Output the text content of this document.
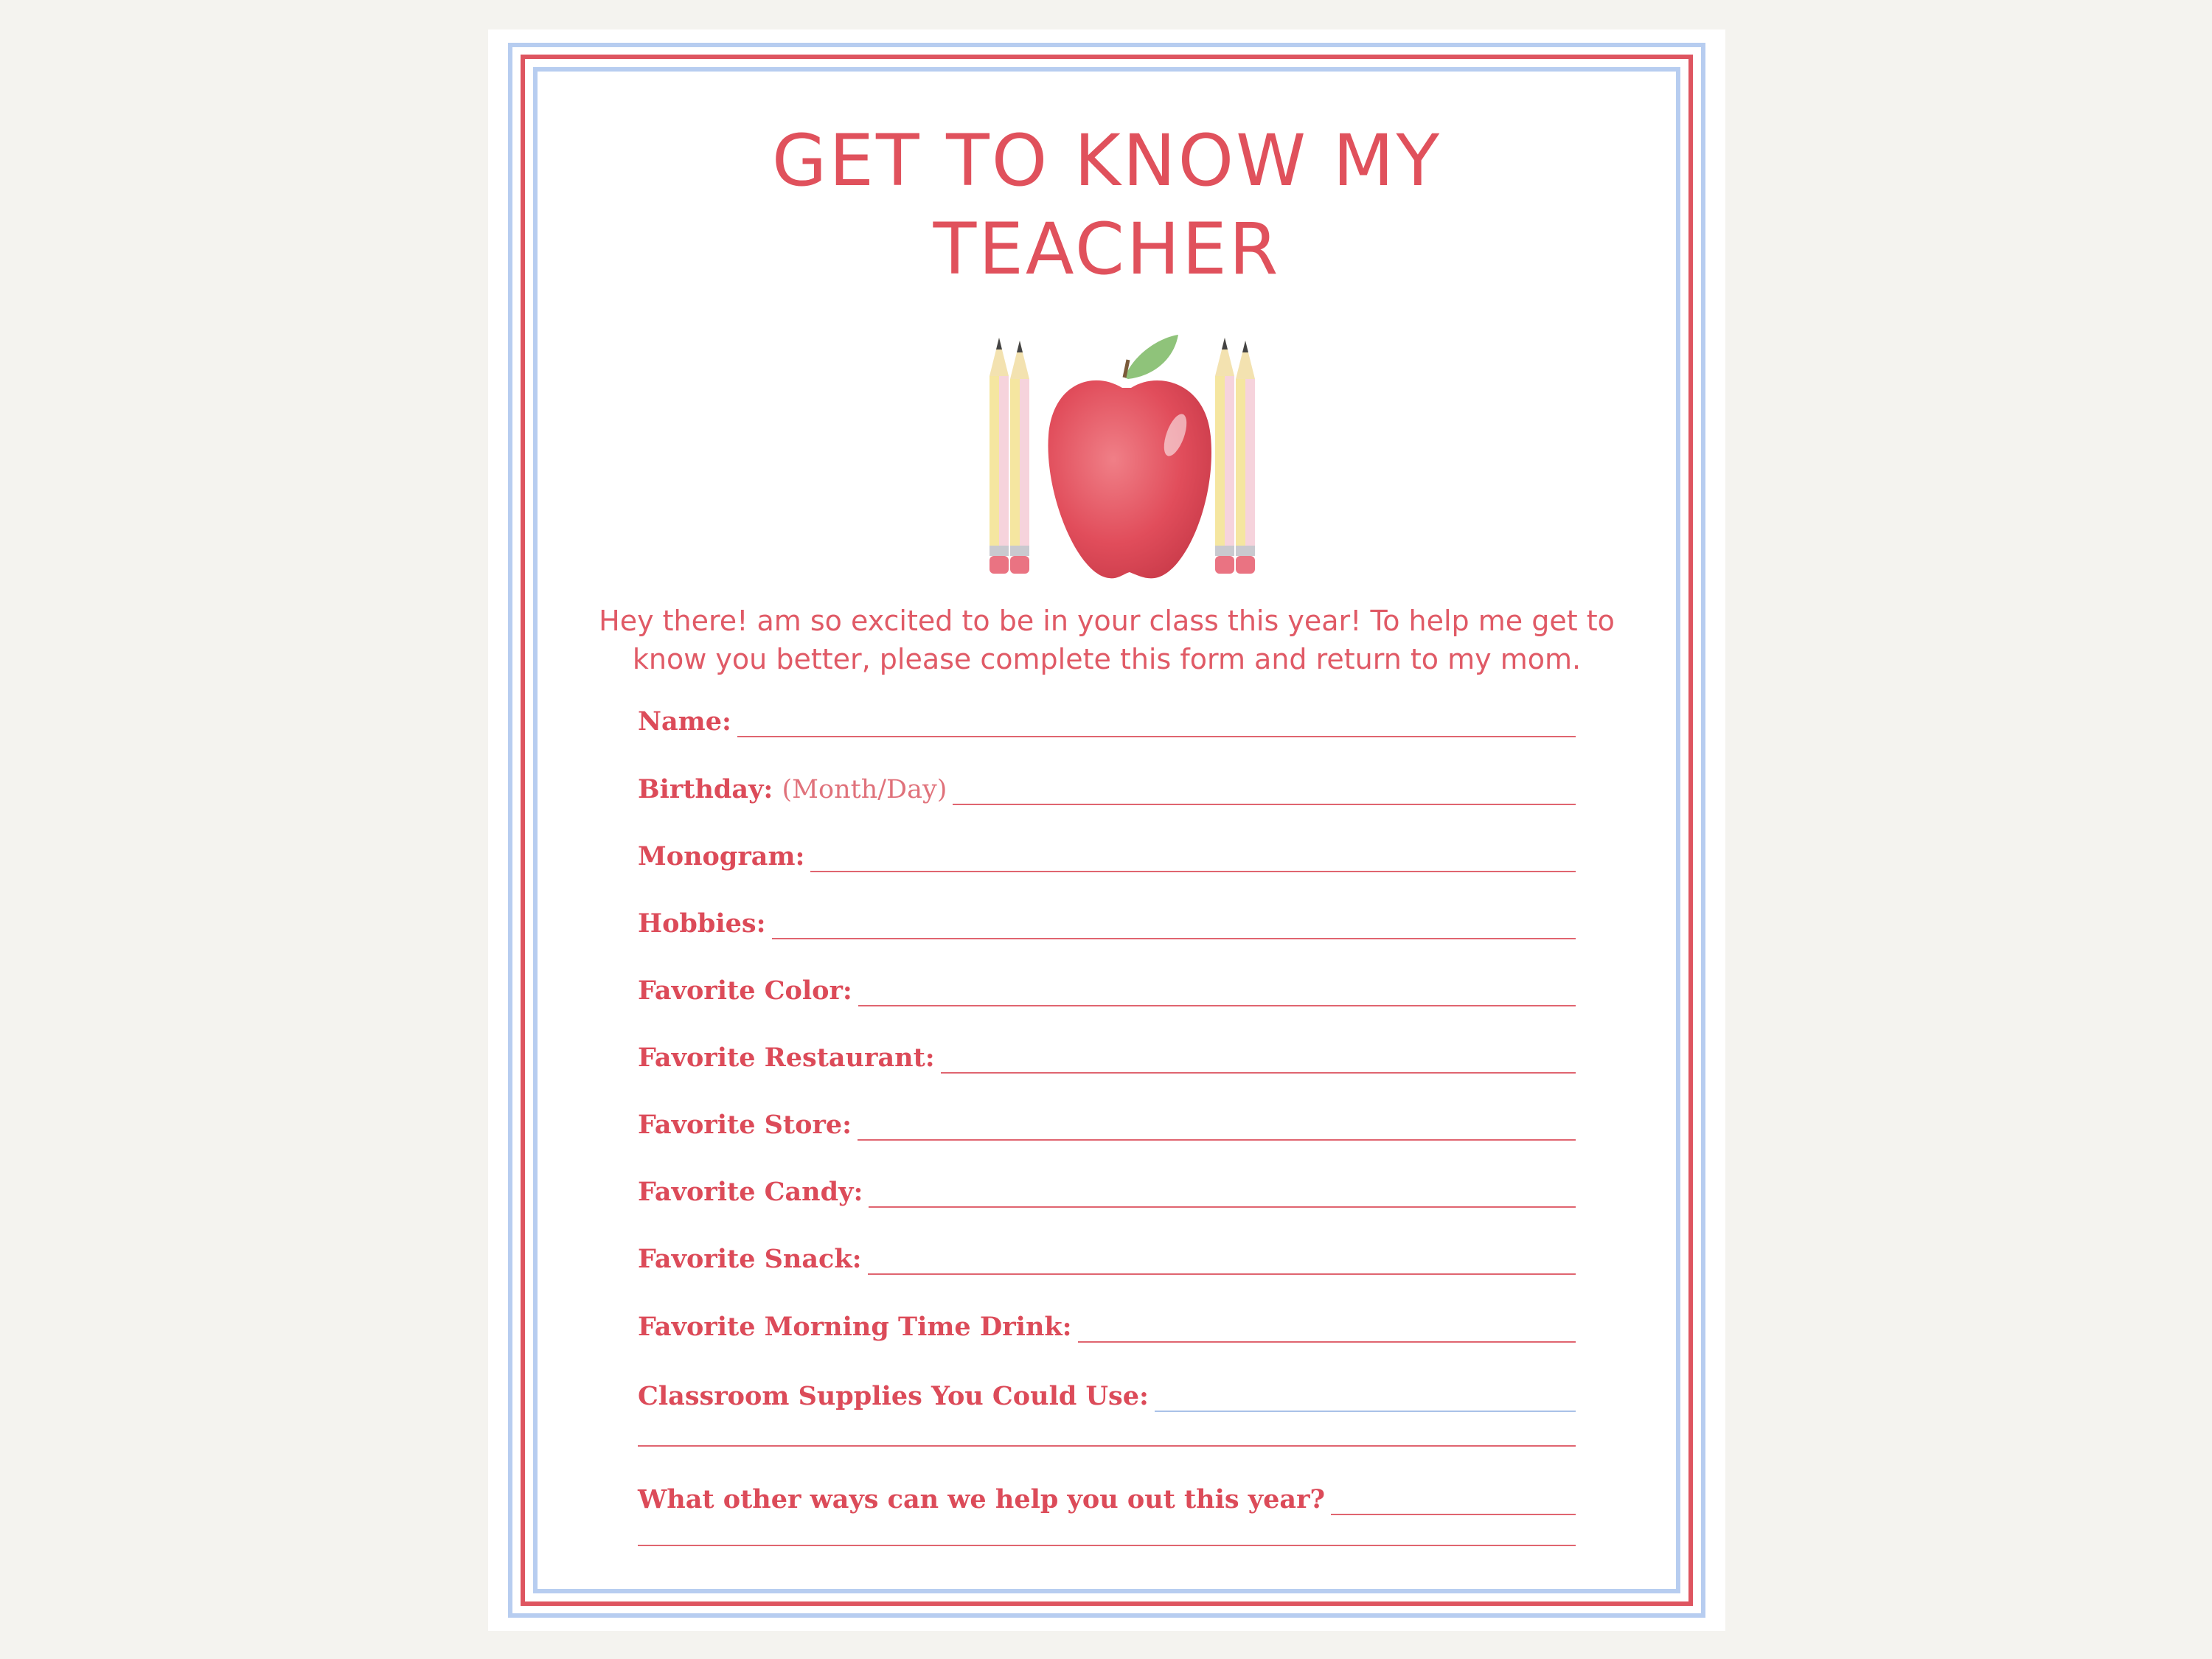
GET TO KNOW MY
TEACHER
Hey there! am so excited to be in your class this year! To help me get to
know you better, please complete this form and return to my mom.
Name:
Birthday: (Month/Day)
Monogram:
Hobbies:
Favorite Color:
Favorite Restaurant:
Favorite Store:
Favorite Candy:
Favorite Snack:
Favorite Morning Time Drink:
Classroom Supplies You Could Use:
What other ways can we help you out this year?
